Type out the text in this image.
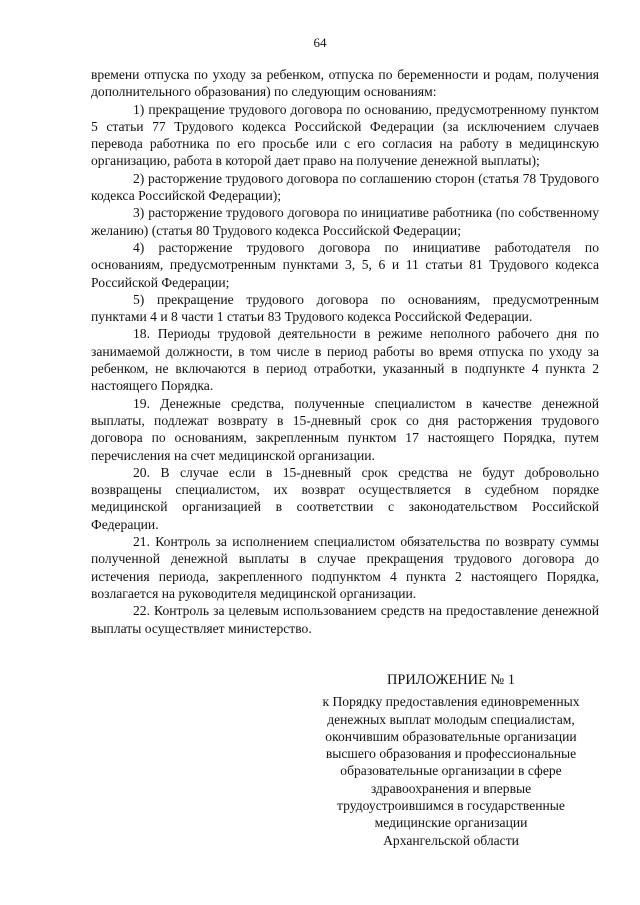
64

времени отпуска по уходу за ребенком, отпуска по беременности и родам, получения дополнительного образования) по следующим основаниям:

1) прекращение трудового договора по основанию, предусмотренному пунктом 5 статьи 77 Трудового кодекса Российской Федерации (за исключением случаев перевода работника по его просьбе или с его согласия на работу в медицинскую организацию, работа в которой дает право на получение денежной выплаты);

2) расторжение трудового договора по соглашению сторон (статья 78 Трудового кодекса Российской Федерации);

3) расторжение трудового договора по инициативе работника (по собственному желанию) (статья 80 Трудового кодекса Российской Федерации;

4) расторжение трудового договора по инициативе работодателя по основаниям, предусмотренным пунктами 3, 5, 6 и 11 статьи 81 Трудового кодекса Российской Федерации;

5) прекращение трудового договора по основаниям, предусмотренным пунктами 4 и 8 части 1 статьи 83 Трудового кодекса Российской Федерации.

18. Периоды трудовой деятельности в режиме неполного рабочего дня по занимаемой должности, в том числе в период работы во время отпуска по уходу за ребенком, не включаются в период отработки, указанный в подпункте 4 пункта 2 настоящего Порядка.

19. Денежные средства, полученные специалистом в качестве денежной выплаты, подлежат возврату в 15-дневный срок со дня расторжения трудового договора по основаниям, закрепленным пунктом 17 настоящего Порядка, путем перечисления на счет медицинской организации.

20. В случае если в 15-дневный срок средства не будут добровольно возвращены специалистом, их возврат осуществляется в судебном порядке медицинской организацией в соответствии с законодательством Российской Федерации.

21. Контроль за исполнением специалистом обязательства по возврату суммы полученной денежной выплаты в случае прекращения трудового договора до истечения периода, закрепленного подпунктом 4 пункта 2 настоящего Порядка, возлагается на руководителя медицинской организации.

22. Контроль за целевым использованием средств на предоставление денежной выплаты осуществляет министерство.

ПРИЛОЖЕНИЕ № 1

к Порядку предоставления единовременных

денежных выплат молодым специалистам,

окончившим образовательные организации

высшего образования и профессиональные

образовательные организации в сфере

здравоохранения и впервые

трудоустроившимся в государственные

медицинские организации

Архангельской области
